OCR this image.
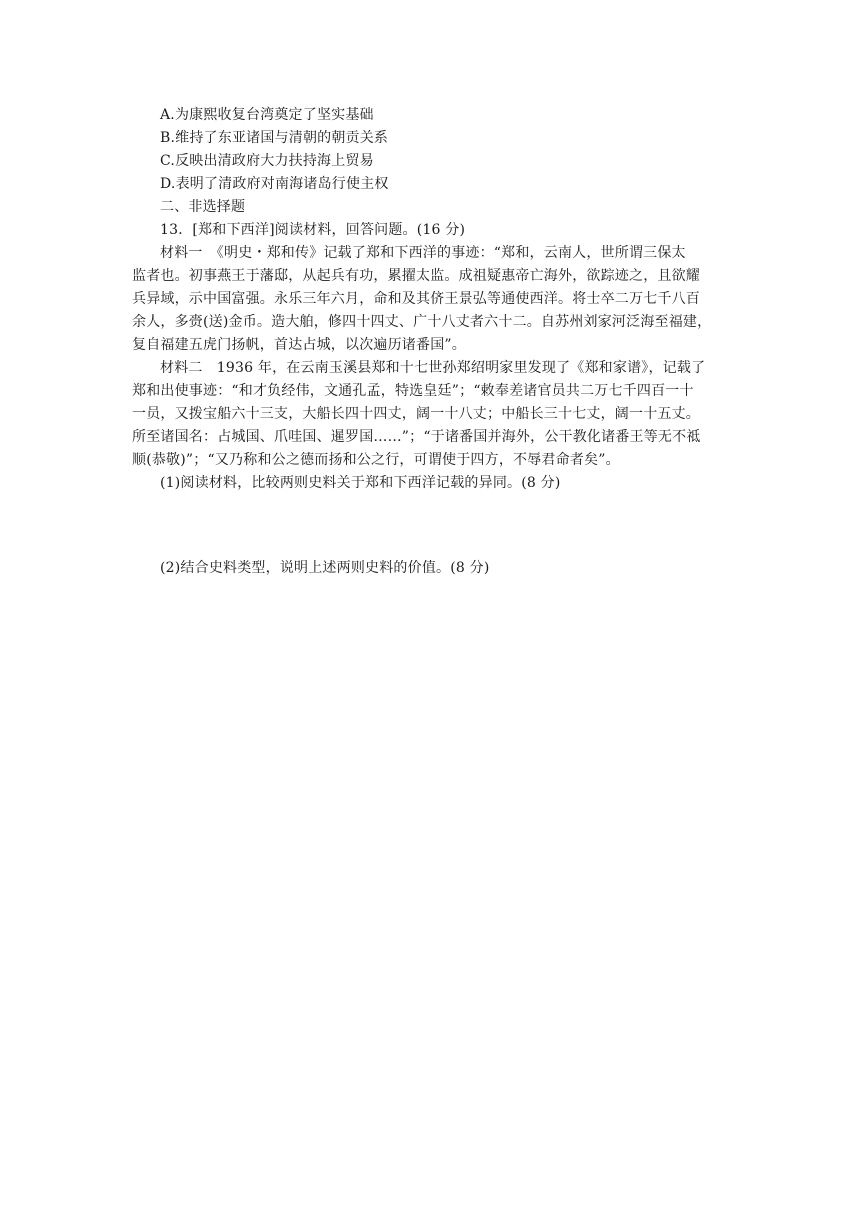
A.为康熙收复台湾奠定了坚实基础
B.维持了东亚诸国与清朝的朝贡关系
C.反映出清政府大力扶持海上贸易
D.表明了清政府对南海诸岛行使主权
二、非选择题
13．[郑和下西洋]阅读材料，回答问题。(16 分)
材料一　《明史・郑和传》记载了郑和下西洋的事迹：“郑和，云南人，世所谓三保太
监者也。初事燕王于藩邸，从起兵有功，累擢太监。成祖疑惠帝亡海外，欲踪迹之，且欲耀
兵异域，示中国富强。永乐三年六月，命和及其侪王景弘等通使西洋。将士卒二万七千八百
余人，多赍(送)金币。造大舶，修四十四丈、广十八丈者六十二。自苏州刘家河泛海至福建，
复自福建五虎门扬帆，首达占城，以次遍历诸番国”。
材料二　1936 年，在云南玉溪县郑和十七世孙郑绍明家里发现了《郑和家谱》，记载了
郑和出使事迹：“和才负经伟，文通孔孟，特选皇廷”；“敕奉差诸官员共二万七千四百一十
一员，又拨宝船六十三支，大船长四十四丈，阔一十八丈；中船长三十七丈，阔一十五丈。
所至诸国名：占城国、爪哇国、暹罗国……”；“于诸番国并海外，公干教化诸番王等无不祗
顺(恭敬)”；“又乃称和公之德而扬和公之行，可谓使于四方，不辱君命者矣”。
(1)阅读材料，比较两则史料关于郑和下西洋记载的异同。(8 分)
(2)结合史料类型，说明上述两则史料的价值。(8 分)
